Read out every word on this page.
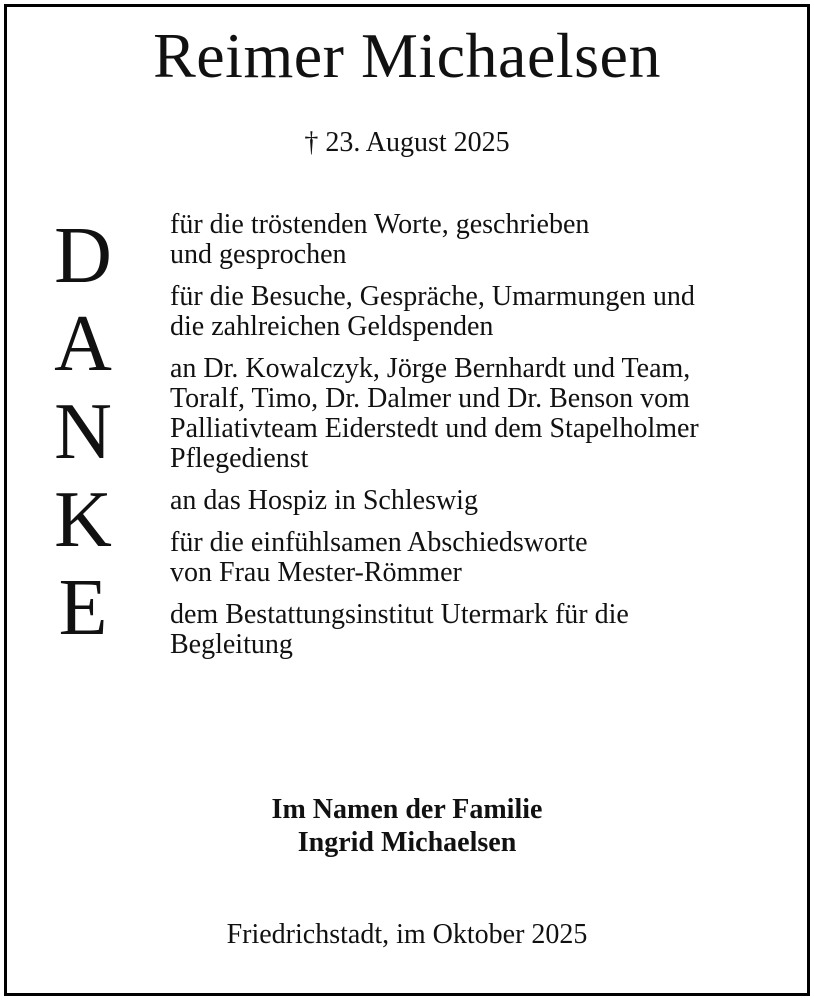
Reimer Michaelsen
† 23. August 2025
D
A
N
K
E

für die tröstenden Worte, geschrieben
und gesprochen

für die Besuche, Gespräche, Umarmungen und
die zahlreichen Geldspenden

an Dr. Kowalczyk, Jörge Bernhardt und Team,
Toralf, Timo, Dr. Dalmer und Dr. Benson vom
Palliativteam Eiderstedt und dem Stapelholmer
Pflegedienst

an das Hospiz in Schleswig

für die einfühlsamen Abschiedsworte
von Frau Mester-Römmer

dem Bestattungsinstitut Utermark für die
Begleitung

Im Namen der Familie
Ingrid Michaelsen
Friedrichstadt, im Oktober 2025
